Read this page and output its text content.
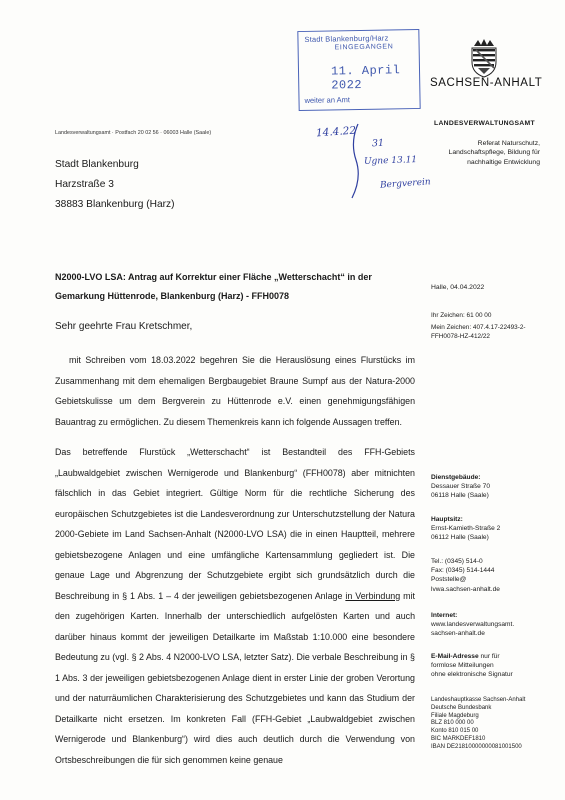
Stadt Blankenburg/Harz
EINGEGANGEN
11. April 2022
weiter an Amt
SACHSEN-ANHALT
LANDESVERWALTUNGSAMT
Referat Naturschutz,
Landschaftspflege, Bildung für
nachhaltige Entwicklung
Landesverwaltungsamt · Postfach 20 02 56 · 06003 Halle (Saale)
Stadt Blankenburg
Harzstraße 3
38883 Blankenburg (Harz)
14.4.22
31
Ugne 13.11
Bergverein
N2000-LVO LSA: Antrag auf Korrektur einer Fläche „Wetterschacht“ in der Gemarkung Hüttenrode, Blankenburg (Harz) - FFH0078
Halle, 04.04.2022
Ihr Zeichen: 61 00 00
Mein Zeichen: 407.4.17-22493-2-FFH0078-HZ-412/22
Sehr geehrte Frau Kretschmer,
mit Schreiben vom 18.03.2022 begehren Sie die Herauslösung eines Flurstücks im Zusammenhang mit dem ehemaligen Bergbaugebiet Braune Sumpf aus der Natura-2000 Gebietskulisse um dem Bergverein zu Hüttenrode e.V. einen genehmigungsfähigen Bauantrag zu ermöglichen. Zu diesem Themenkreis kann ich folgende Aussagen treffen.
Das betreffende Flurstück „Wetterschacht“ ist Bestandteil des FFH-Gebiets „Laubwaldgebiet zwischen Wernigerode und Blankenburg“ (FFH0078) aber mitnichten fälschlich in das Gebiet integriert. Gültige Norm für die rechtliche Sicherung des europäischen Schutzgebietes ist die Landesverordnung zur Unterschutzstellung der Natura 2000-Gebiete im Land Sachsen-Anhalt (N2000-LVO LSA) die in einen Hauptteil, mehrere gebietsbezogene Anlagen und eine umfängliche Kartensammlung gegliedert ist. Die genaue Lage und Abgrenzung der Schutzgebiete ergibt sich grundsätzlich durch die Beschreibung in § 1 Abs. 1 – 4 der jeweiligen gebietsbezogenen Anlage in Verbindung mit den zugehörigen Karten. Innerhalb der unterschiedlich aufgelösten Karten und auch darüber hinaus kommt der jeweiligen Detailkarte im Maßstab 1:10.000 eine besondere Bedeutung zu (vgl. § 2 Abs. 4 N2000-LVO LSA, letzter Satz). Die verbale Beschreibung in § 1 Abs. 3 der jeweiligen gebietsbezogenen Anlage dient in erster Linie der groben Verortung und der naturräumlichen Charakterisierung des Schutzgebietes und kann das Studium der Detailkarte nicht ersetzen. Im konkreten Fall (FFH-Gebiet „Laubwaldgebiet zwischen Wernigerode und Blankenburg“) wird dies auch deutlich durch die Verwendung von Ortsbeschreibungen die für sich genommen keine genaue
Dienstgebäude:
Dessauer Straße 70
06118 Halle (Saale)
Hauptsitz:
Ernst-Kamieth-Straße 2
06112 Halle (Saale)
Tel.: (0345) 514-0
Fax: (0345) 514-1444
Poststelle@
lvwa.sachsen-anhalt.de
Internet:
www.landesverwaltungsamt.
sachsen-anhalt.de
E-Mail-Adresse nur für
formlose Mitteilungen
ohne elektronische Signatur
Landeshauptkasse Sachsen-Anhalt
Deutsche Bundesbank
Filiale Magdeburg
BLZ 810 000 00
Konto 810 015 00
BIC MARKDEF1810
IBAN DE21810000000081001500
